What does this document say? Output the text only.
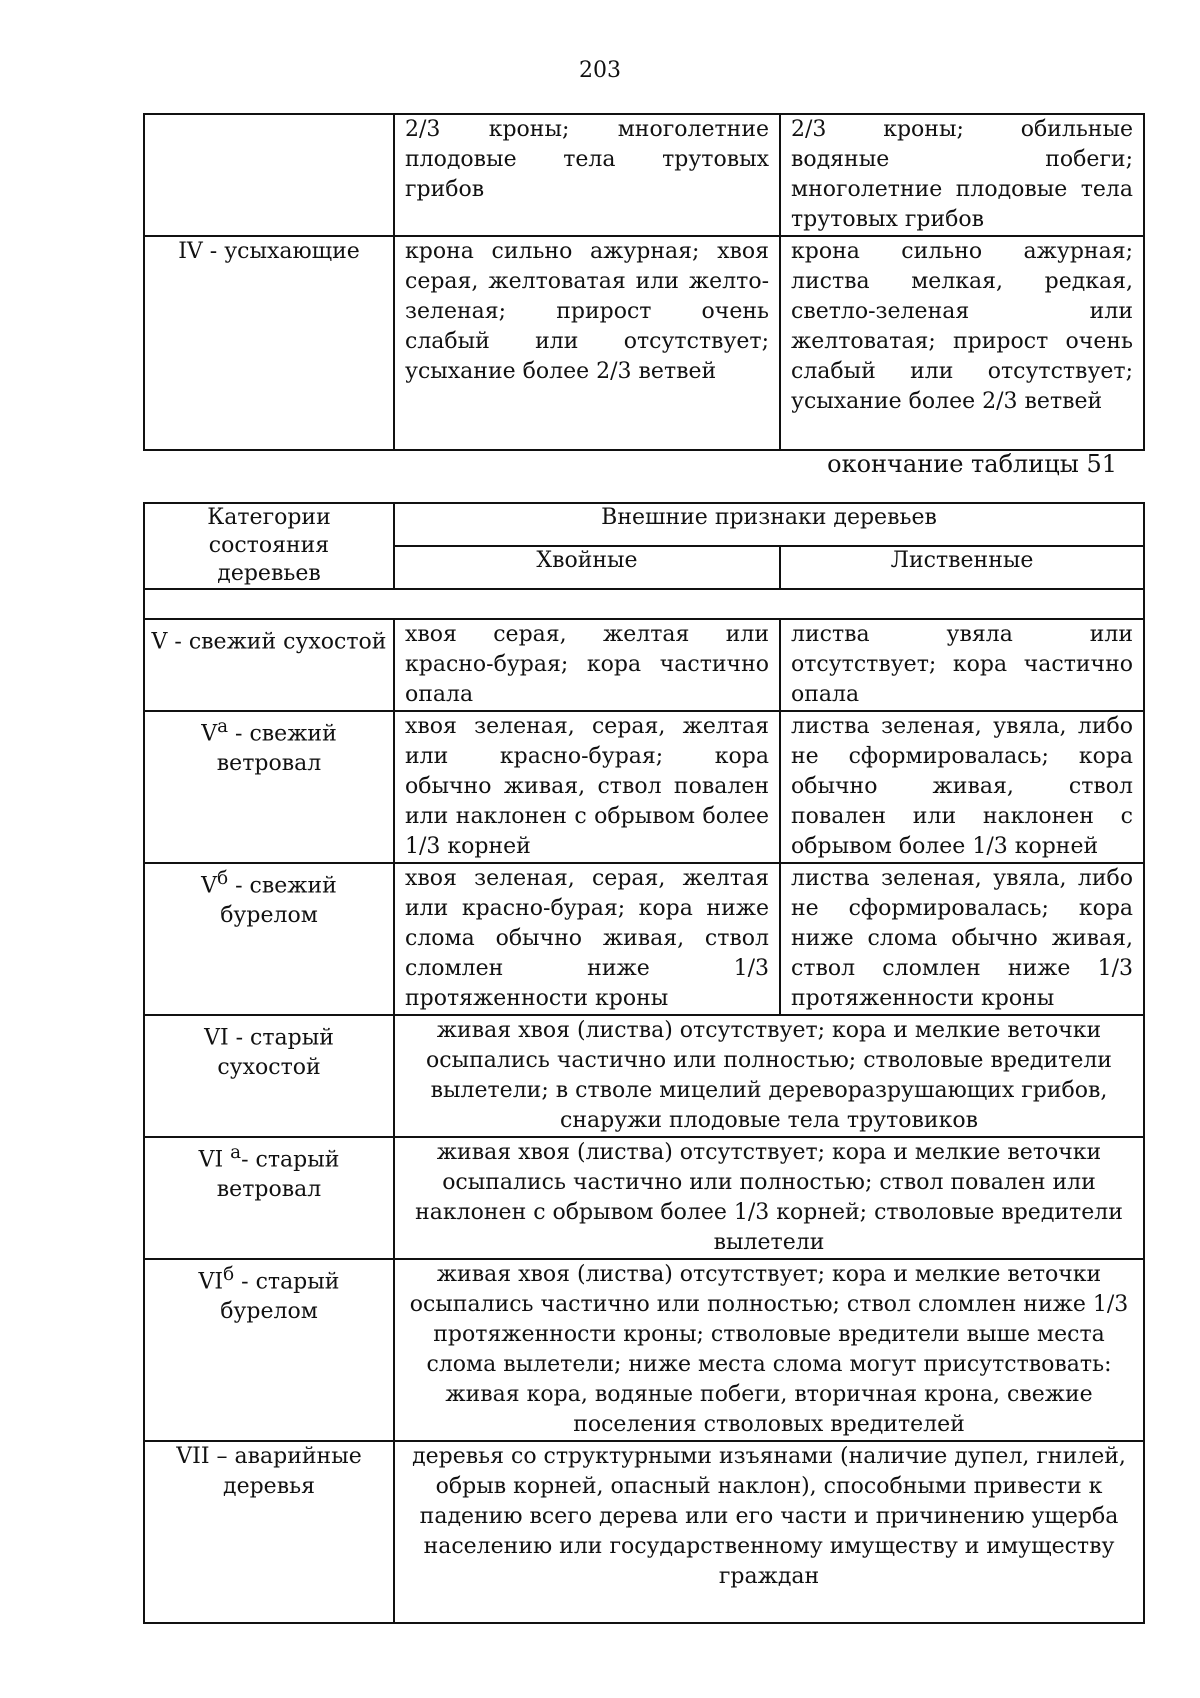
203
	2/3 кроны; многолетние плодовые тела трутовых грибов	2/3 кроны; обильные водяные побеги; многолетние плодовые тела трутовых грибов
IV - усыхающие	крона сильно ажурная; хвоя серая, желтоватая или желто-зеленая; прирост очень слабый или отсутствует; усыхание более 2/3 ветвей	крона сильно ажурная; листва мелкая, редкая, светло-зеленая или желтоватая; прирост очень слабый или отсутствует; усыхание более 2/3 ветвей
окончание таблицы 51
Категории состояния деревьев	Внешние признаки деревьев	
	Хвойные	Лиственные

V - свежий сухостой	хвоя серая, желтая или красно-бурая; кора частично опала	листва увяла или отсутствует; кора частично опала
$V^а$ - свежий ветровал	хвоя зеленая, серая, желтая или красно-бурая; кора обычно живая, ствол повален или наклонен с обрывом более 1/3 корней	листва зеленая, увяла, либо не сформировалась; кора обычно живая, ствол повален или наклонен с обрывом более 1/3 корней
$V^б$ - свежий бурелом	хвоя зеленая, серая, желтая или красно-бурая; кора ниже слома обычно живая, ствол сломлен ниже 1/3 протяженности кроны	листва зеленая, увяла, либо не сформировалась; кора ниже слома обычно живая, ствол сломлен ниже 1/3 протяженности кроны
VI - старый сухостой	живая хвоя (листва) отсутствует; кора и мелкие веточки осыпались частично или полностью; стволовые вредители вылетели; в стволе мицелий дереворазрушающих грибов, снаружи плодовые тела трутовиков	
VI $^а$- старый ветровал	живая хвоя (листва) отсутствует; кора и мелкие веточки осыпались частично или полностью; ствол повален или наклонен с обрывом более 1/3 корней; стволовые вредители вылетели	
$VI^б$ - старый бурелом	живая хвоя (листва) отсутствует; кора и мелкие веточки осыпались частично или полностью; ствол сломлен ниже 1/3 протяженности кроны; стволовые вредители выше места слома вылетели; ниже места слома могут присутствовать: живая кора, водяные побеги, вторичная крона, свежие поселения стволовых вредителей	
VII – аварийные деревья	деревья со структурными изъянами (наличие дупел, гнилей, обрыв корней, опасный наклон), способными привести к падению всего дерева или его части и причинению ущерба населению или государственному имуществу и имуществу граждан	
